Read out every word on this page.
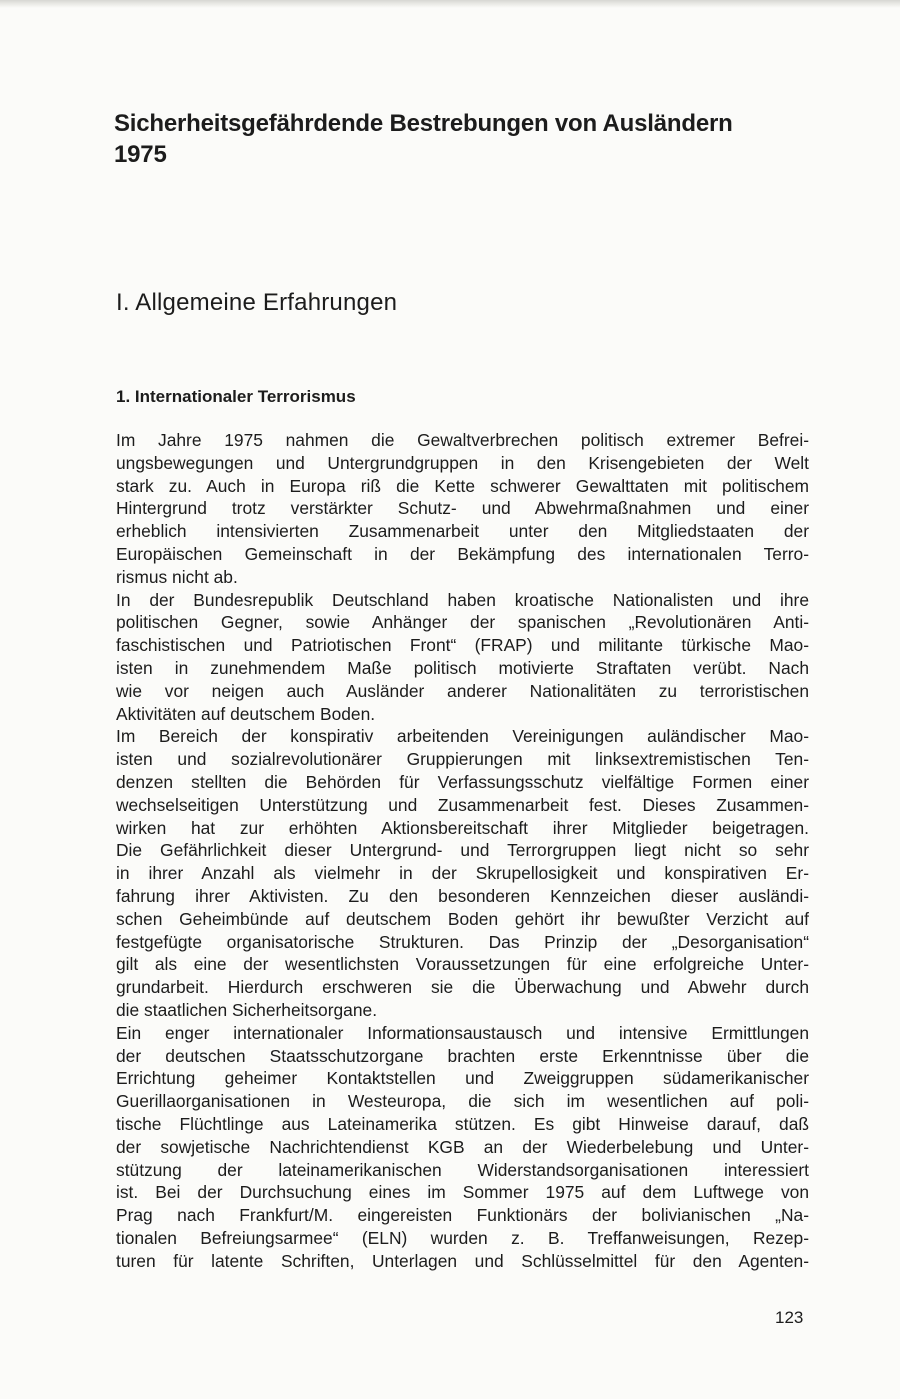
Sicherheitsgefährdende Bestrebungen von Ausländern
1975
I. Allgemeine Erfahrungen
1. Internationaler Terrorismus
Im Jahre 1975 nahmen die Gewaltverbrechen politisch extremer Befrei-
ungsbewegungen und Untergrundgruppen in den Krisengebieten der Welt
stark zu. Auch in Europa riß die Kette schwerer Gewalttaten mit politischem
Hintergrund trotz verstärkter Schutz- und Abwehrmaßnahmen und einer
erheblich intensivierten Zusammenarbeit unter den Mitgliedstaaten der
Europäischen Gemeinschaft in der Bekämpfung des internationalen Terro-
rismus nicht ab.
In der Bundesrepublik Deutschland haben kroatische Nationalisten und ihre
politischen Gegner, sowie Anhänger der spanischen „Revolutionären Anti-
faschistischen und Patriotischen Front“ (FRAP) und militante türkische Mao-
isten in zunehmendem Maße politisch motivierte Straftaten verübt. Nach
wie vor neigen auch Ausländer anderer Nationalitäten zu terroristischen
Aktivitäten auf deutschem Boden.
Im Bereich der konspirativ arbeitenden Vereinigungen auländischer Mao-
isten und sozialrevolutionärer Gruppierungen mit linksextremistischen Ten-
denzen stellten die Behörden für Verfassungsschutz vielfältige Formen einer
wechselseitigen Unterstützung und Zusammenarbeit fest. Dieses Zusammen-
wirken hat zur erhöhten Aktionsbereitschaft ihrer Mitglieder beigetragen.
Die Gefährlichkeit dieser Untergrund- und Terrorgruppen liegt nicht so sehr
in ihrer Anzahl als vielmehr in der Skrupellosigkeit und konspirativen Er-
fahrung ihrer Aktivisten. Zu den besonderen Kennzeichen dieser ausländi-
schen Geheimbünde auf deutschem Boden gehört ihr bewußter Verzicht auf
festgefügte organisatorische Strukturen. Das Prinzip der „Desorganisation“
gilt als eine der wesentlichsten Voraussetzungen für eine erfolgreiche Unter-
grundarbeit. Hierdurch erschweren sie die Überwachung und Abwehr durch
die staatlichen Sicherheitsorgane.
Ein enger internationaler Informationsaustausch und intensive Ermittlungen
der deutschen Staatsschutzorgane brachten erste Erkenntnisse über die
Errichtung geheimer Kontaktstellen und Zweiggruppen südamerikanischer
Guerillaorganisationen in Westeuropa, die sich im wesentlichen auf poli-
tische Flüchtlinge aus Lateinamerika stützen. Es gibt Hinweise darauf, daß
der sowjetische Nachrichtendienst KGB an der Wiederbelebung und Unter-
stützung der lateinamerikanischen Widerstandsorganisationen interessiert
ist. Bei der Durchsuchung eines im Sommer 1975 auf dem Luftwege von
Prag nach Frankfurt/M. eingereisten Funktionärs der bolivianischen „Na-
tionalen Befreiungsarmee“ (ELN) wurden z. B. Treffanweisungen, Rezep-
turen für latente Schriften, Unterlagen und Schlüsselmittel für den Agenten-

123
